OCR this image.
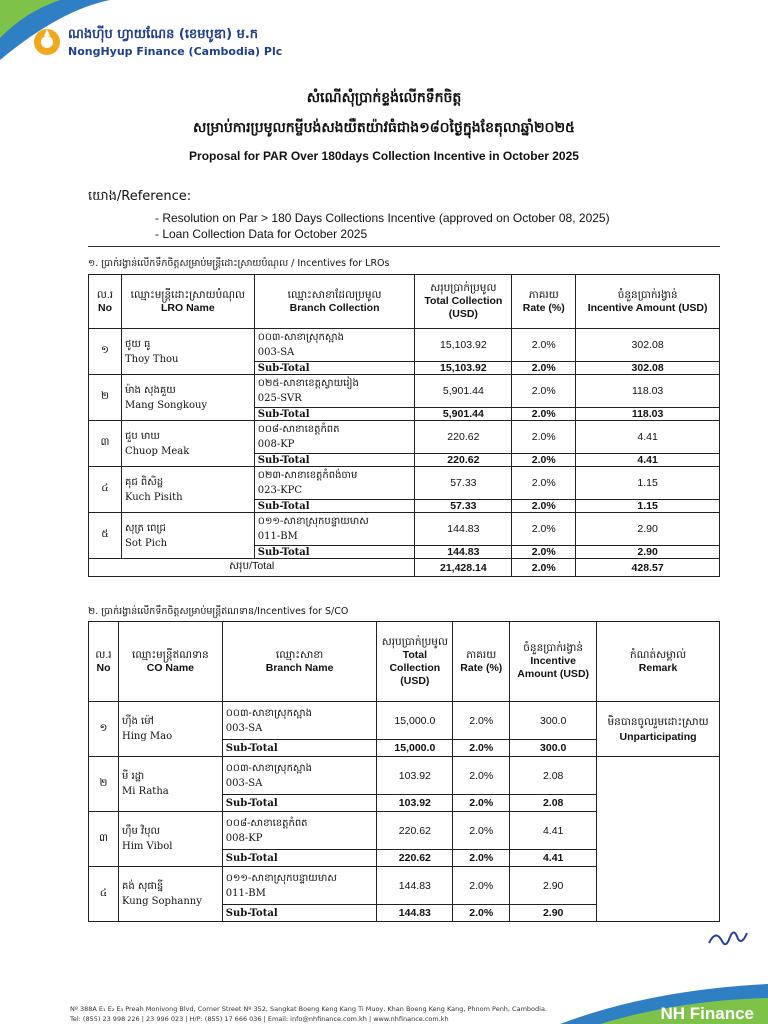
ណងហ៊ីប ហ្វាយណែន (ខេមបូឌា) ម.ក
NongHyup Finance (Cambodia) Plc
សំណើសុំប្រាក់ខ្ទង់លើកទឹកចិត្ត
សម្រាប់ការប្រមូលកម្ចីបង់សងយឺតយ៉ាវធំជាង១៨០ថ្ងៃក្នុងខែតុលាឆ្នាំ២០២៥
Proposal for PAR Over 180days Collection Incentive in October 2025
យោង/Reference:
- Resolution on Par > 180 Days Collections Incentive (approved on October 08, 2025)
- Loan Collection Data for October 2025
១. ប្រាក់រង្វាន់លើកទឹកចិត្តសម្រាប់មន្ត្រីដោះស្រាយបំណុល / Incentives for LROs
ល.រ
No	ឈ្មោះមន្ត្រីដោះស្រាយបំណុល
LRO Name	ឈ្មោះសាខាដែលប្រមូល
Branch Collection	សរុបប្រាក់ប្រមូល
Total Collection (USD)	ភាគរយ
Rate (%)	ចំនួនប្រាក់រង្វាន់
Incentive Amount (USD)
១	ថូយ ធូ
Thoy Thou	០០៣-សាខាស្រុកស្អាង
003-SA	15,103.92	2.0%	302.08
		Sub-Total	15,103.92	2.0%	302.08
២	ម៉ាង សុងគួយ
Mang Songkouy	០២៥-សាខាខេត្តស្វាយរៀង
025-SVR	5,901.44	2.0%	118.03
		Sub-Total	5,901.44	2.0%	118.03
៣	ជួប មាឃ
Chuop Meak	០០៨-សាខាខេត្តកំពត
008-KP	220.62	2.0%	4.41
		Sub-Total	220.62	2.0%	4.41
៤	គុជ ពិសិដ្ឋ
Kuch Pisith	០២៣-សាខាខេត្តកំពង់ចាម
023-KPC	57.33	2.0%	1.15
		Sub-Total	57.33	2.0%	1.15
៥	សុត្រ ពេជ្រ
Sot Pich	០១១-សាខាស្រុកបន្ទាយមាស
011-BM	144.83	2.0%	2.90
		Sub-Total	144.83	2.0%	2.90
សរុប/Total			21,428.14	2.0%	428.57
២. ប្រាក់រង្វាន់លើកទឹកចិត្តសម្រាប់មន្ត្រីឥណទាន/Incentives for S/CO
ល.រ
No	ឈ្មោះមន្ត្រីឥណទាន
CO Name	ឈ្មោះសាខា
Branch Name	សរុបប្រាក់ប្រមូល
Total Collection (USD)	ភាគរយ
Rate (%)	ចំនួនប្រាក់រង្វាន់
Incentive Amount (USD)	កំណត់សម្គាល់
Remark
១	ហ៊ីង ម៉ៅ
Hing Mao	០០៣-សាខាស្រុកស្អាង
003-SA	15,000.0	2.0%	300.0	មិនបានចូលរួមដោះស្រាយ
Unparticipating

		Sub-Total	15,000.0	2.0%	300.0	
២	មី រដ្ឋា
Mi Ratha	០០៣-សាខាស្រុកស្អាង
003-SA	103.92	2.0%	2.08	
		Sub-Total	103.92	2.0%	2.08	
៣	ហ៊ឹម វិបុល
Him Vibol	០០៨-សាខាខេត្តកំពត
008-KP	220.62	2.0%	4.41	
		Sub-Total	220.62	2.0%	4.41	
៤	គង់ សុផាន្នី
Kung Sophanny	០១១-សាខាស្រុកបន្ទាយមាស
011-BM	144.83	2.0%	2.90	
		Sub-Total	144.83	2.0%	2.90	
Nº 388A E₁ E₂ E₃ Preah Monivong Blvd, Corner Street Nº 352, Sangkat Boeng Keng Kang Ti Muoy, Khan Boeng Keng Kang, Phnom Penh, Cambodia.
Tel: (855) 23 998 226 | 23 996 023 | H/P: (855) 17 666 036 | Email: info@nhfinance.com.kh | www.nhfinance.com.kh	NH Finance
